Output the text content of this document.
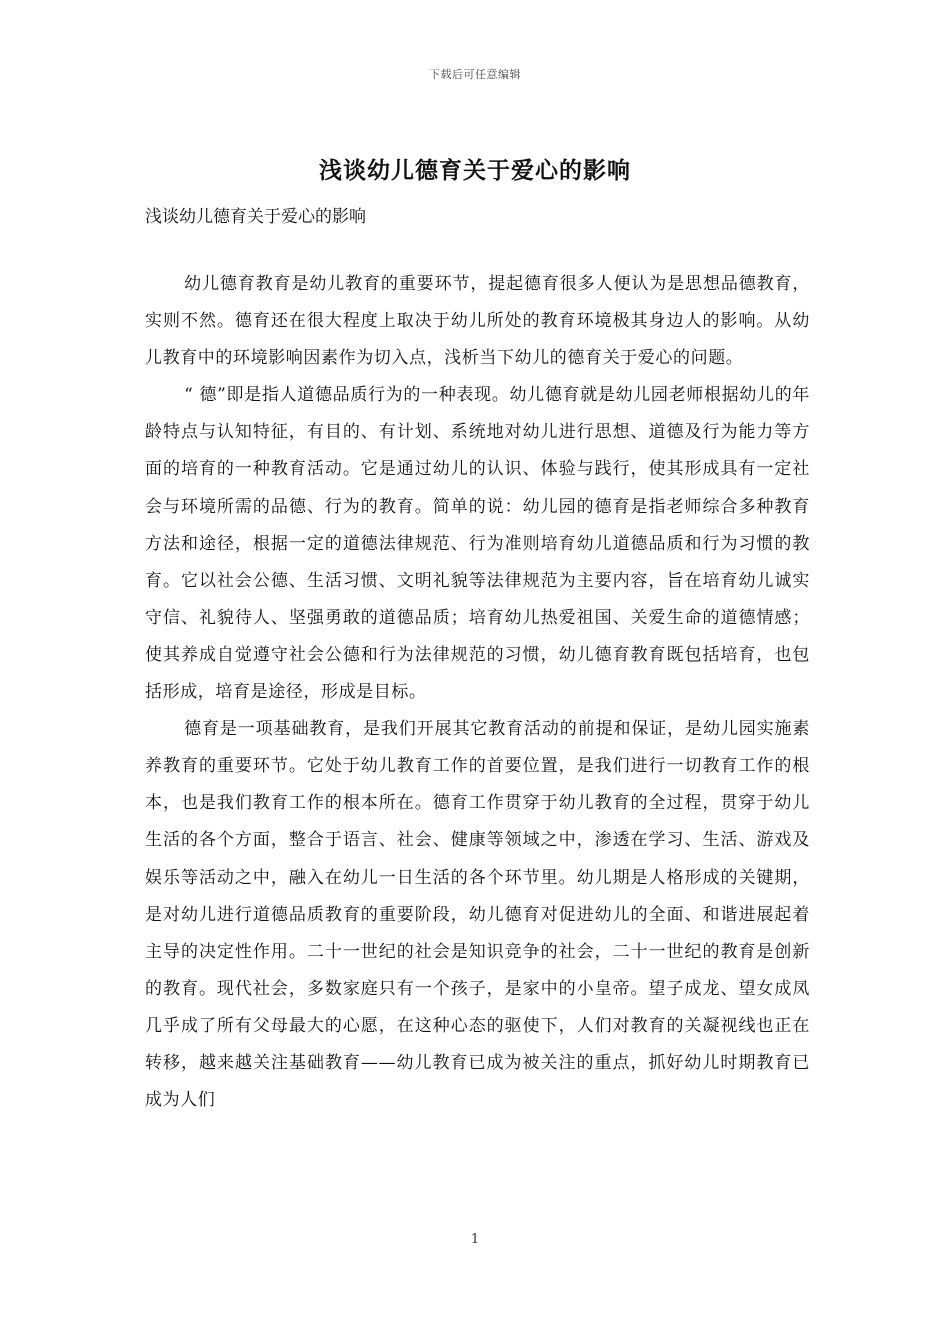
下载后可任意编辑
浅谈幼儿德育关于爱心的影响
浅谈幼儿德育关于爱心的影响

幼儿德育教育是幼儿教育的重要环节，提起德育很多人便认为是思想品德教育，实则不然。德育还在很大程度上取决于幼儿所处的教育环境极其身边人的影响。从幼儿教育中的环境影响因素作为切入点，浅析当下幼儿的德育关于爱心的问题。

“ 德”即是指人道德品质行为的一种表现。幼儿德育就是幼儿园老师根据幼儿的年龄特点与认知特征，有目的、有计划、系统地对幼儿进行思想、道德及行为能力等方面的培育的一种教育活动。它是通过幼儿的认识、体验与践行，使其形成具有一定社会与环境所需的品德、行为的教育。简单的说：幼儿园的德育是指老师综合多种教育方法和途径，根据一定的道德法律规范、行为准则培育幼儿道德品质和行为习惯的教育。它以社会公德、生活习惯、文明礼貌等法律规范为主要内容，旨在培育幼儿诚实守信、礼貌待人、坚强勇敢的道德品质；培育幼儿热爱祖国、关爱生命的道德情感；使其养成自觉遵守社会公德和行为法律规范的习惯，幼儿德育教育既包括培育，也包括形成，培育是途径，形成是目标。

德育是一项基础教育，是我们开展其它教育活动的前提和保证，是幼儿园实施素养教育的重要环节。它处于幼儿教育工作的首要位置，是我们进行一切教育工作的根本，也是我们教育工作的根本所在。德育工作贯穿于幼儿教育的全过程，贯穿于幼儿生活的各个方面，整合于语言、社会、健康等领域之中，渗透在学习、生活、游戏及娱乐等活动之中，融入在幼儿一日生活的各个环节里。幼儿期是人格形成的关键期，是对幼儿进行道德品质教育的重要阶段，幼儿德育对促进幼儿的全面、和谐进展起着主导的决定性作用。二十一世纪的社会是知识竞争的社会，二十一世纪的教育是创新的教育。现代社会，多数家庭只有一个孩子，是家中的小皇帝。望子成龙、望女成凤几乎成了所有父母最大的心愿，在这种心态的驱使下，人们对教育的关凝视线也正在转移，越来越关注基础教育——幼儿教育已成为被关注的重点，抓好幼儿时期教育已成为人们

1
